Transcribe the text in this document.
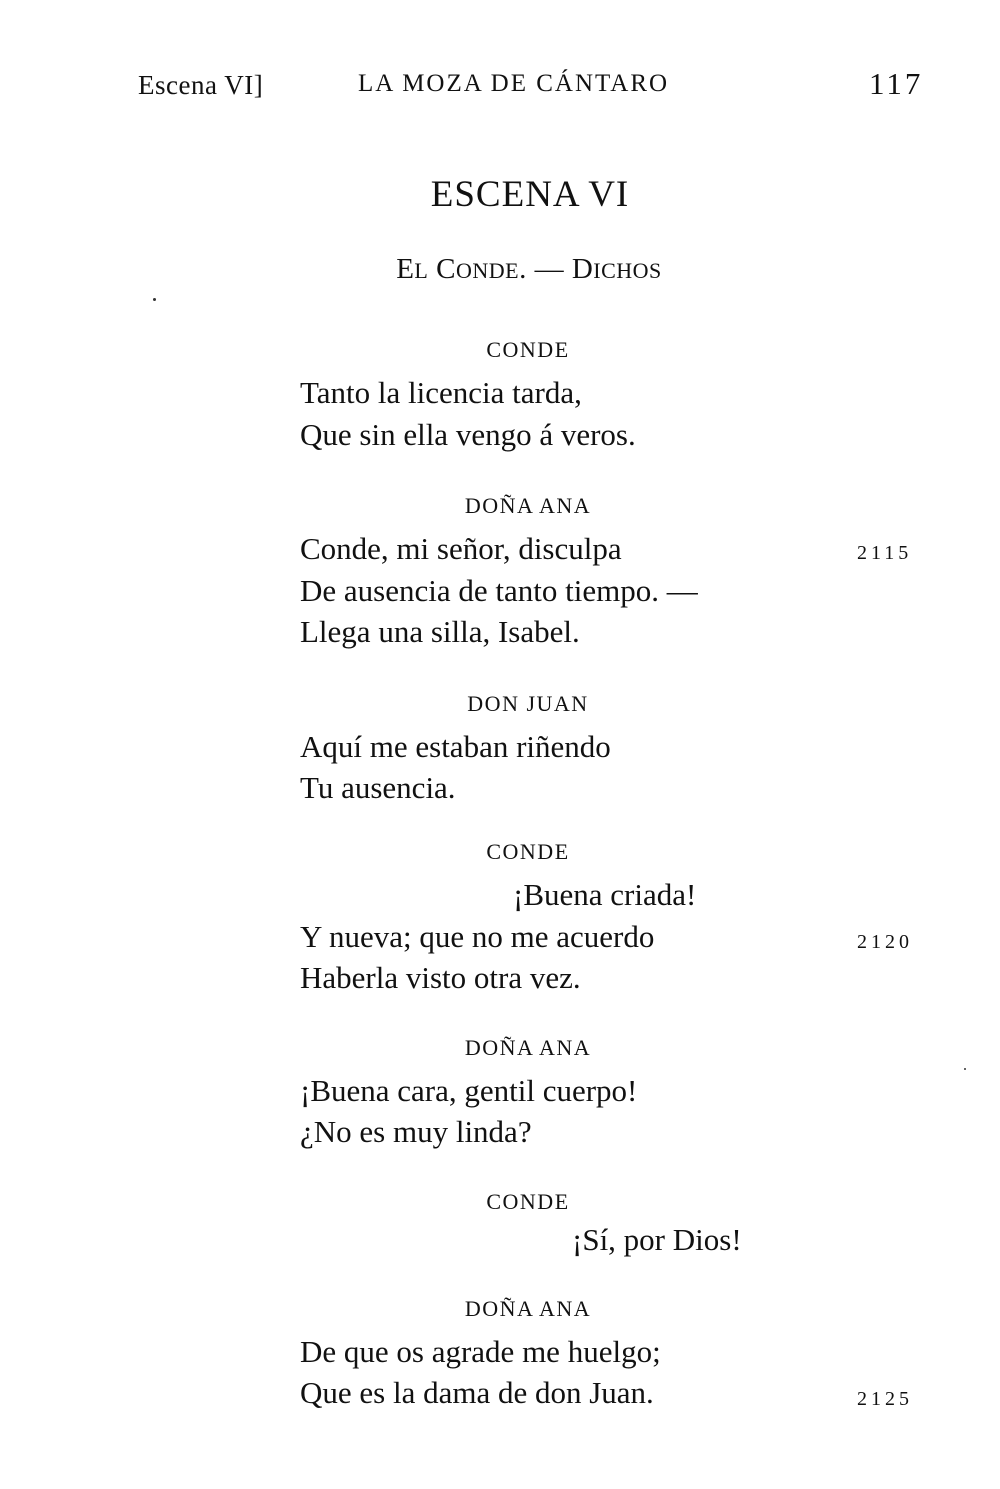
Escena VI]	LA MOZA DE CÁNTARO	117
ESCENA VI
EL CONDE. — DICHOS
CONDE
Tanto la licencia tarda,
Que sin ella vengo á veros.
DOÑA ANA
Conde, mi señor, disculpa	2115
De ausencia de tanto tiempo. —
Llega una silla, Isabel.
DON JUAN
Aquí me estaban riñendo
Tu ausencia.
CONDE
¡Buena criada!
Y nueva; que no me acuerdo	2120
Haberla visto otra vez.
DOÑA ANA
¡Buena cara, gentil cuerpo!
¿No es muy linda?
CONDE
¡Sí, por Dios!
DOÑA ANA
De que os agrade me huelgo;
Que es la dama de don Juan.	2125
